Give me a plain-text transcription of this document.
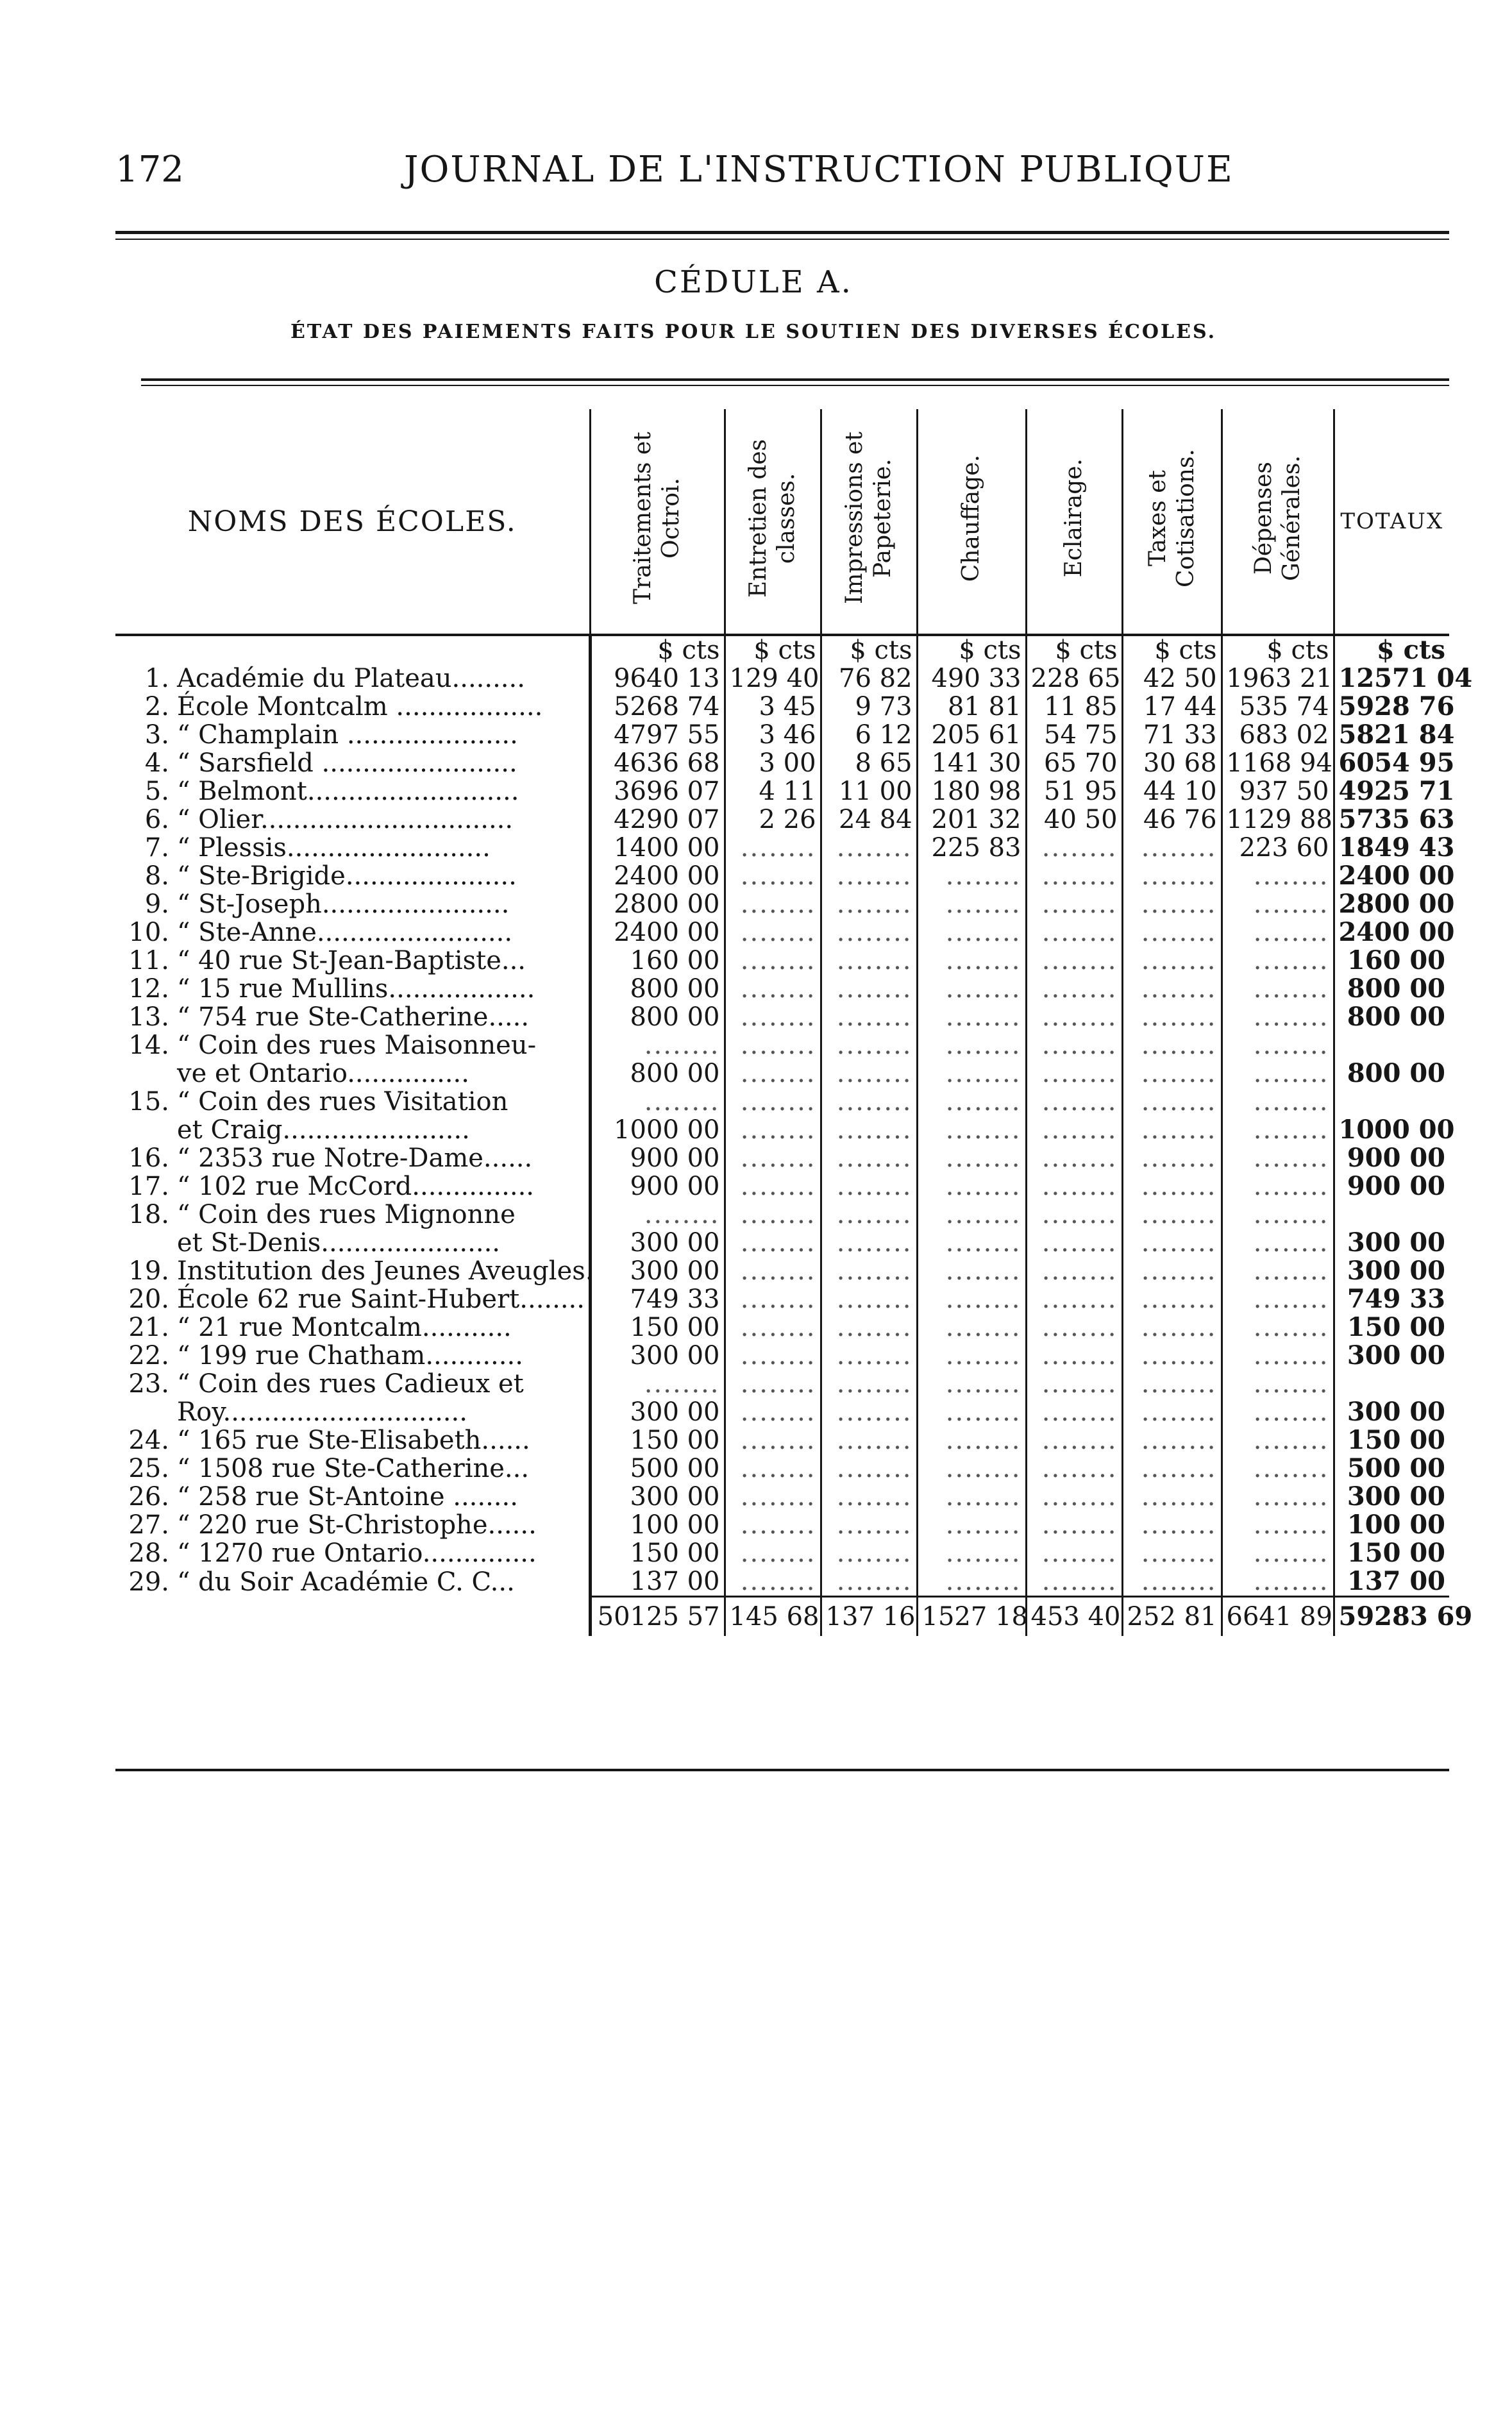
172	JOURNAL DE L'INSTRUCTION PUBLIQUE
CÉDULE A.
ÉTAT DES PAIEMENTS FAITS POUR LE SOUTIEN DES DIVERSES ÉCOLES.
NOMS DES ÉCOLES.		Traitements et Octroi.	Entretien des classes.	Impressions et Papeterie.	Chauffage.	Eclairage.	Taxes et Cotisations.	Dépenses Générales.	TOTAUX
		$ cts	$ cts	$ cts	$ cts	$ cts	$ cts	$ cts	$ cts
1.	Académie du Plateau.........	9640 13	129 40	76 82	490 33	228 65	42 50	1963 21	12571 04
2.	École Montcalm ..................	5268 74	3 45	9 73	81 81	11 85	17 44	535 74	5928 76
3.	“ Champlain .....................	4797 55	3 46	6 12	205 61	54 75	71 33	683 02	5821 84
4.	“ Sarsfield ........................	4636 68	3 00	8 65	141 30	65 70	30 68	1168 94	6054 95
5.	“ Belmont..........................	3696 07	4 11	11 00	180 98	51 95	44 10	937 50	4925 71
6.	“ Olier...............................	4290 07	2 26	24 84	201 32	40 50	46 76	1129 88	5735 63
7.	“ Plessis.........................	1400 00	........	........	225 83	........	........	223 60	1849 43
8.	“ Ste-Brigide.....................	2400 00	........	........	........	........	........	........	2400 00
9.	“ St-Joseph.......................	2800 00	........	........	........	........	........	........	2800 00
10.	“ Ste-Anne........................	2400 00	........	........	........	........	........	........	2400 00
11.	“ 40 rue St-Jean-Baptiste...	160 00	........	........	........	........	........	........	160 00
12.	“ 15 rue Mullins..................	800 00	........	........	........	........	........	........	800 00
13.	“ 754 rue Ste-Catherine.....	800 00	........	........	........	........	........	........	800 00
14.	“ Coin des rues Maisonneu-	........	........	........	........	........	........	........	
	ve et Ontario...............	800 00	........	........	........	........	........	........	800 00
15.	“ Coin des rues Visitation	........	........	........	........	........	........	........	
	et Craig.......................	1000 00	........	........	........	........	........	........	1000 00
16.	“ 2353 rue Notre-Dame......	900 00	........	........	........	........	........	........	900 00
17.	“ 102 rue McCord...............	900 00	........	........	........	........	........	........	900 00
18.	“ Coin des rues Mignonne	........	........	........	........	........	........	........	
	et St-Denis......................	300 00	........	........	........	........	........	........	300 00
19.	Institution des Jeunes Aveugles.	300 00	........	........	........	........	........	........	300 00
20.	École 62 rue Saint-Hubert........	749 33	........	........	........	........	........	........	749 33
21.	“ 21 rue Montcalm...........	150 00	........	........	........	........	........	........	150 00
22.	“ 199 rue Chatham............	300 00	........	........	........	........	........	........	300 00
23.	“ Coin des rues Cadieux et	........	........	........	........	........	........	........	
	Roy..............................	300 00	........	........	........	........	........	........	300 00
24.	“ 165 rue Ste-Elisabeth......	150 00	........	........	........	........	........	........	150 00
25.	“ 1508 rue Ste-Catherine...	500 00	........	........	........	........	........	........	500 00
26.	“ 258 rue St-Antoine ........	300 00	........	........	........	........	........	........	300 00
27.	“ 220 rue St-Christophe......	100 00	........	........	........	........	........	........	100 00
28.	“ 1270 rue Ontario..............	150 00	........	........	........	........	........	........	150 00
29.	“ du Soir Académie C. C...	137 00	........	........	........	........	........	........	137 00
		50125 57	145 68	137 16	1527 18	453 40	252 81	6641 89	59283 69
